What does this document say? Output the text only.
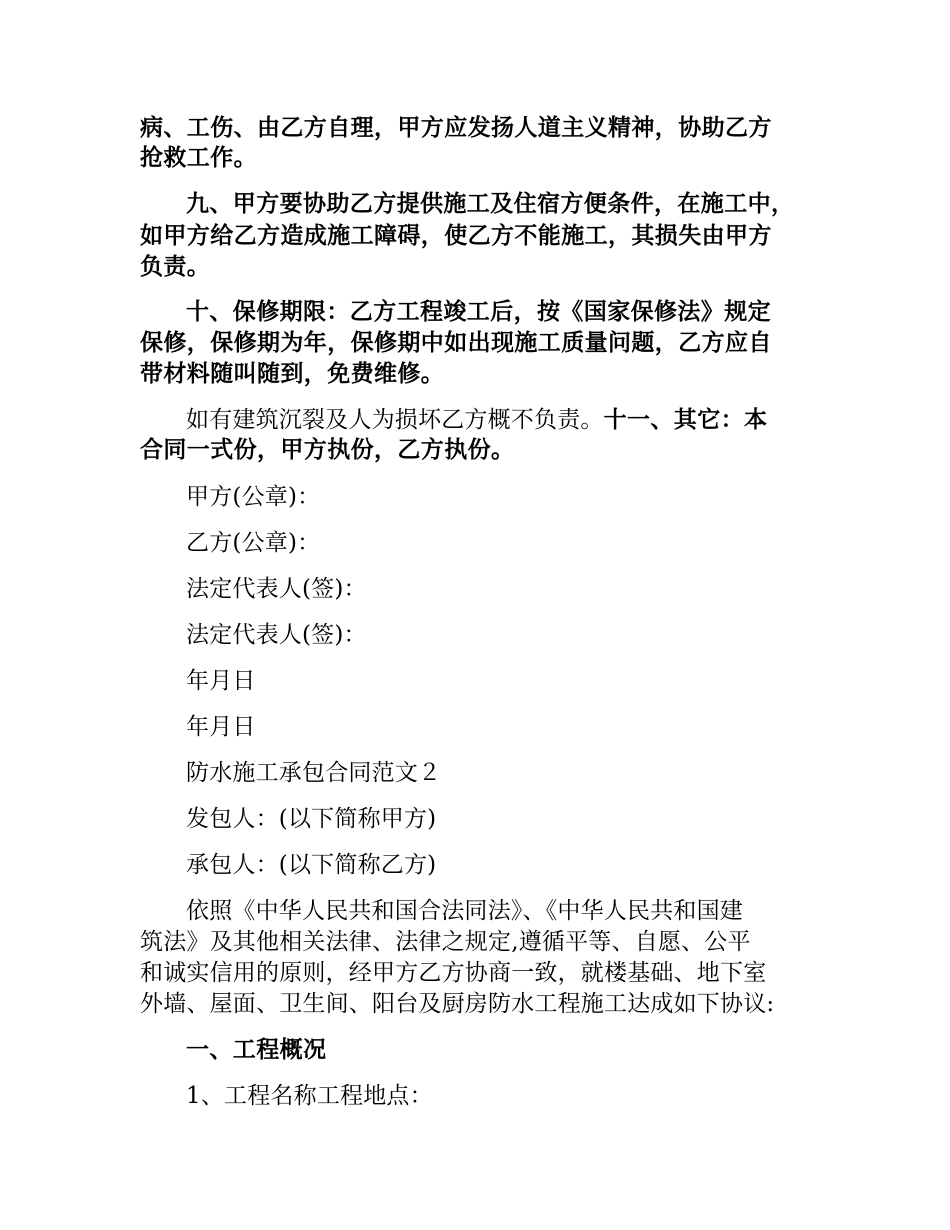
病、工伤、由乙方自理，甲方应发扬人道主义精神，协助乙方
抢救工作。
九、甲方要协助乙方提供施工及住宿方便条件，在施工中，
如甲方给乙方造成施工障碍，使乙方不能施工，其损失由甲方
负责。
十、保修期限：乙方工程竣工后，按《国家保修法》规定
保修，保修期为年，保修期中如出现施工质量问题，乙方应自
带材料随叫随到，免费维修。
如有建筑沉裂及人为损坏乙方概不负责。十一、其它：本
合同一式份，甲方执份，乙方执份。
甲方(公章)：
乙方(公章)：
法定代表人(签)：
法定代表人(签)：
年月日
年月日
防水施工承包合同范文２
发包人：(以下简称甲方)
承包人：(以下简称乙方)
依照《中华人民共和国合法同法》、《中华人民共和国建
筑法》及其他相关法律、法律之规定,遵循平等、自愿、公平
和诚实信用的原则，经甲方乙方协商一致，就楼基础、地下室
外墙、屋面、卫生间、阳台及厨房防水工程施工达成如下协议:
一、工程概况
1、工程名称工程地点：
